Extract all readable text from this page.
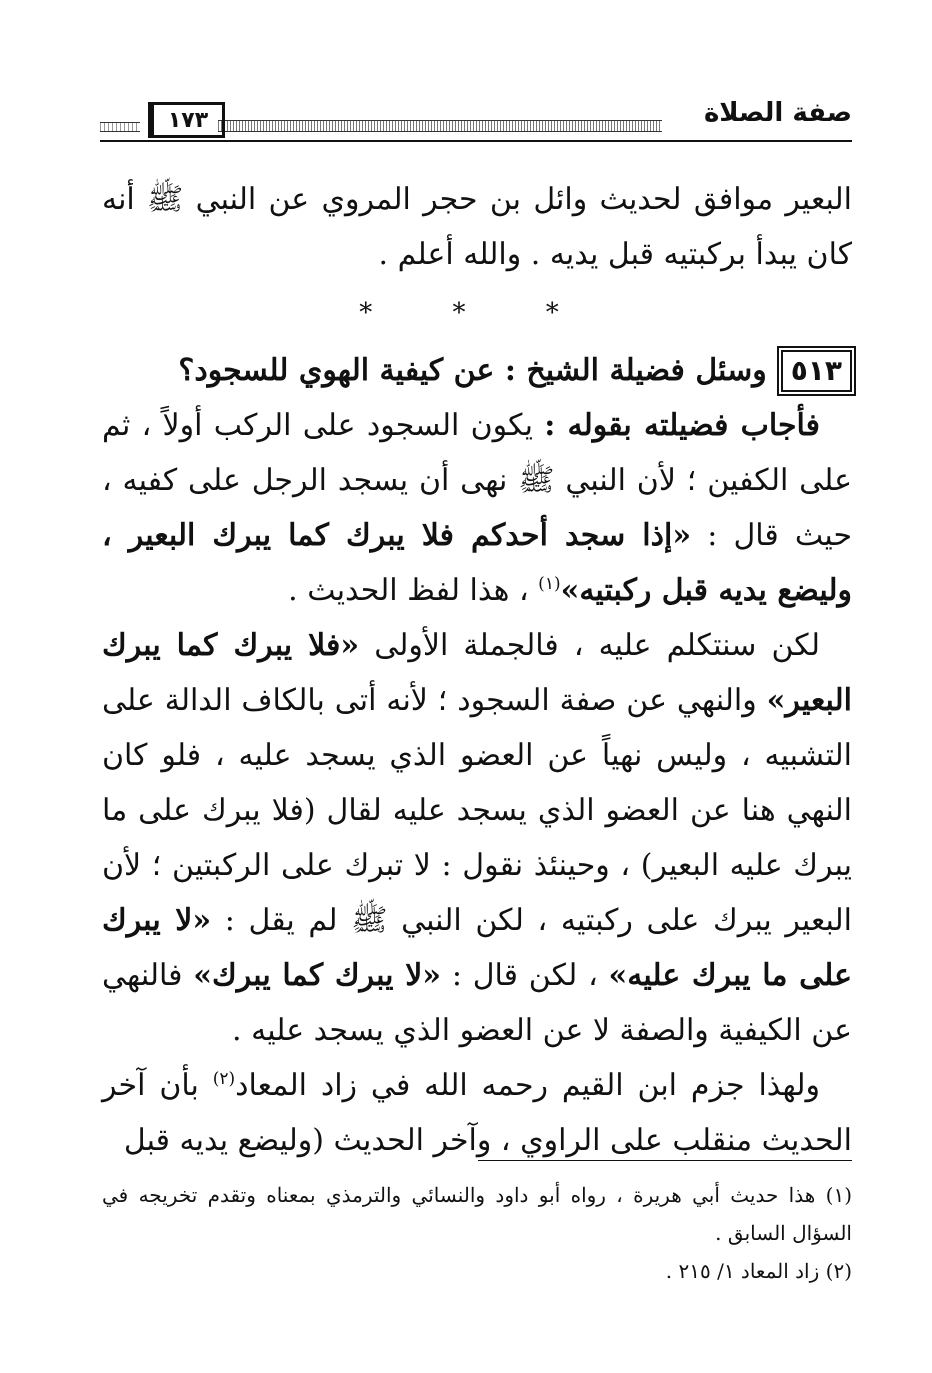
صفة الصلاة
١٧٣

البعير موافق لحديث وائل بن حجر المروي عن النبي ﷺ أنه كان يبدأ بركبتيه قبل يديه . والله أعلم .

* * *

٥١٣
وسئل فضيلة الشيخ : عن كيفية الهوي للسجود؟

فأجاب فضيلته بقوله : يكون السجود على الركب أولاً ، ثم على الكفين ؛ لأن النبي ﷺ نهى أن يسجد الرجل على كفيه ، حيث قال : «إذا سجد أحدكم فلا يبرك كما يبرك البعير ، وليضع يديه قبل ركبتيه»$^{(١)}$ ، هذا لفظ الحديث .

لكن سنتكلم عليه ، فالجملة الأولى «فلا يبرك كما يبرك البعير» والنهي عن صفة السجود ؛ لأنه أتى بالكاف الدالة على التشبيه ، وليس نهياً عن العضو الذي يسجد عليه ، فلو كان النهي هنا عن العضو الذي يسجد عليه لقال (فلا يبرك على ما يبرك عليه البعير) ، وحينئذ نقول : لا تبرك على الركبتين ؛ لأن البعير يبرك على ركبتيه ، لكن النبي ﷺ لم يقل : «لا يبرك على ما يبرك عليه» ، لكن قال : «لا يبرك كما يبرك» فالنهي عن الكيفية والصفة لا عن العضو الذي يسجد عليه .

ولهذا جزم ابن القيم رحمه الله في زاد المعاد$^{(٢)}$ بأن آخر الحديث منقلب على الراوي ، وآخر الحديث (وليضع يديه قبل

(١) هذا حديث أبي هريرة ، رواه أبو داود والنسائي والترمذي بمعناه وتقدم تخريجه في السؤال السابق .

(٢) زاد المعاد ١/ ٢١٥ .
